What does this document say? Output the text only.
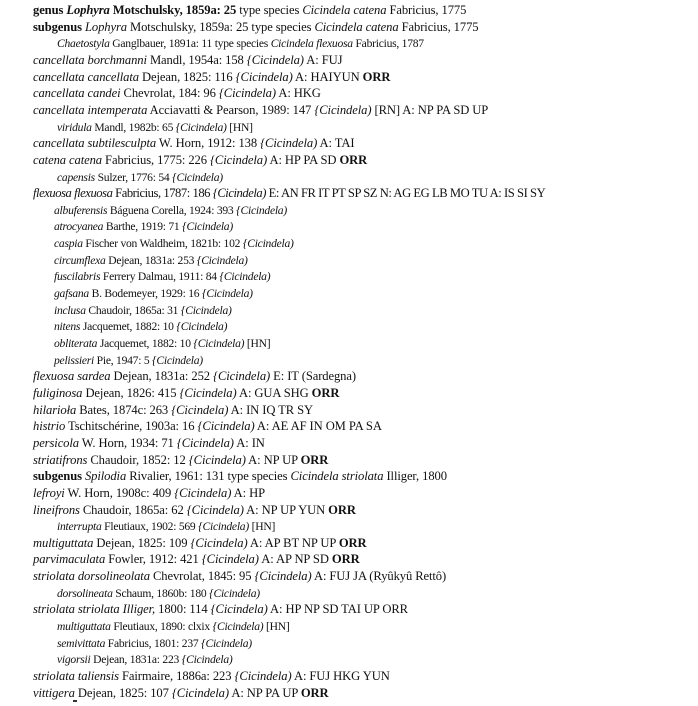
genus Lophyra Motschulsky, 1859a: 25 type species Cicindela catena Fabricius, 1775
subgenus Lophyra Motschulsky, 1859a: 25 type species Cicindela catena Fabricius, 1775
Chaetostyla Ganglbauer, 1891a: 11 type species Cicindela flexuosa Fabricius, 1787
cancellata borchmanni Mandl, 1954a: 158 {Cicindela) A: FUJ
cancellata cancellata Dejean, 1825: 116 {Cicindela) A: HAIYUN ORR
cancellata candei Chevrolat, 184: 96 {Cicindela) A: HKG
cancellata intemperata Acciavatti & Pearson, 1989: 147 {Cicindela) [RN] A: NP PA SD UP
viridula Mandl, 1982b: 65 {Cicindela) [HN]
cancellata subtilesculpta W. Horn, 1912: 138 {Cicindela) A: TAI
catena catena Fabricius, 1775: 226 {Cicindela) A: HP PA SD ORR
capensis Sulzer, 1776: 54 {Cicindela)
flexuosa flexuosa Fabricius, 1787: 186 {Cicindela) E: AN FR IT PT SP SZ N: AG EG LB MO TU A: IS SI SY
albuferensis Báguena Corella, 1924: 393 {Cicindela)
atrocyanea Barthe, 1919: 71 {Cicindela)
caspia Fischer von Waldheim, 1821b: 102 {Cicindela)
circumflexa Dejean, 1831a: 253 {Cicindela)
fuscilabris Ferrery Dalmau, 1911: 84 {Cicindela)
gafsana B. Bodemeyer, 1929: 16 {Cicindela)
inclusa Chaudoir, 1865a: 31 {Cicindela)
nitens Jacquemet, 1882: 10 {Cicindela)
obliterata Jacquemet, 1882: 10 {Cicindela) [HN]
pelissieri Pie, 1947: 5 {Cicindela)
flexuosa sardea Dejean, 1831a: 252 {Cicindela) E: IT (Sardegna)
fuliginosa Dejean, 1826: 415 {Cicindela) A: GUA SHG ORR
hilarioła Bates, 1874c: 263 {Cicindela) A: IN IQ TR SY
histrio Tschitschérine, 1903a: 16 {Cicindela) A: AE AF IN OM PA SA
persicola W. Horn, 1934: 71 {Cicindela) A: IN
striatifrons Chaudoir, 1852: 12 {Cicindela) A: NP UP ORR
subgenus Spilodia Rivalier, 1961: 131 type species Cicindela striolata Illiger, 1800
lefroyi W. Horn, 1908c: 409 {Cicindela) A: HP
lineifrons Chaudoir, 1865a: 62 {Cicindela) A: NP UP YUN ORR
interrupta Fleutiaux, 1902: 569 {Cicindela) [HN]
multiguttata Dejean, 1825: 109 {Cicindela) A: AP BT NP UP ORR
parvimaculata Fowler, 1912: 421 {Cicindela) A: AP NP SD ORR
striolata dorsolineolata Chevrolat, 1845: 95 {Cicindela) A: FUJ JA (Ryûkyû Rettô)
dorsolineata Schaum, 1860b: 180 {Cicindela)
striolata striolata Illiger, 1800: 114 {Cicindela) A: HP NP SD TAI UP ORR
multiguttata Fleutiaux, 1890: clxix {Cicindela) [HN]
semivittata Fabricius, 1801: 237 {Cicindela)
vigorsii Dejean, 1831a: 223 {Cicindela)
striolata taliensis Fairmaire, 1886a: 223 {Cicindela) A: FUJ HKG YUN
vittigera Dejean, 1825: 107 {Cicindela) A: NP PA UP ORR
